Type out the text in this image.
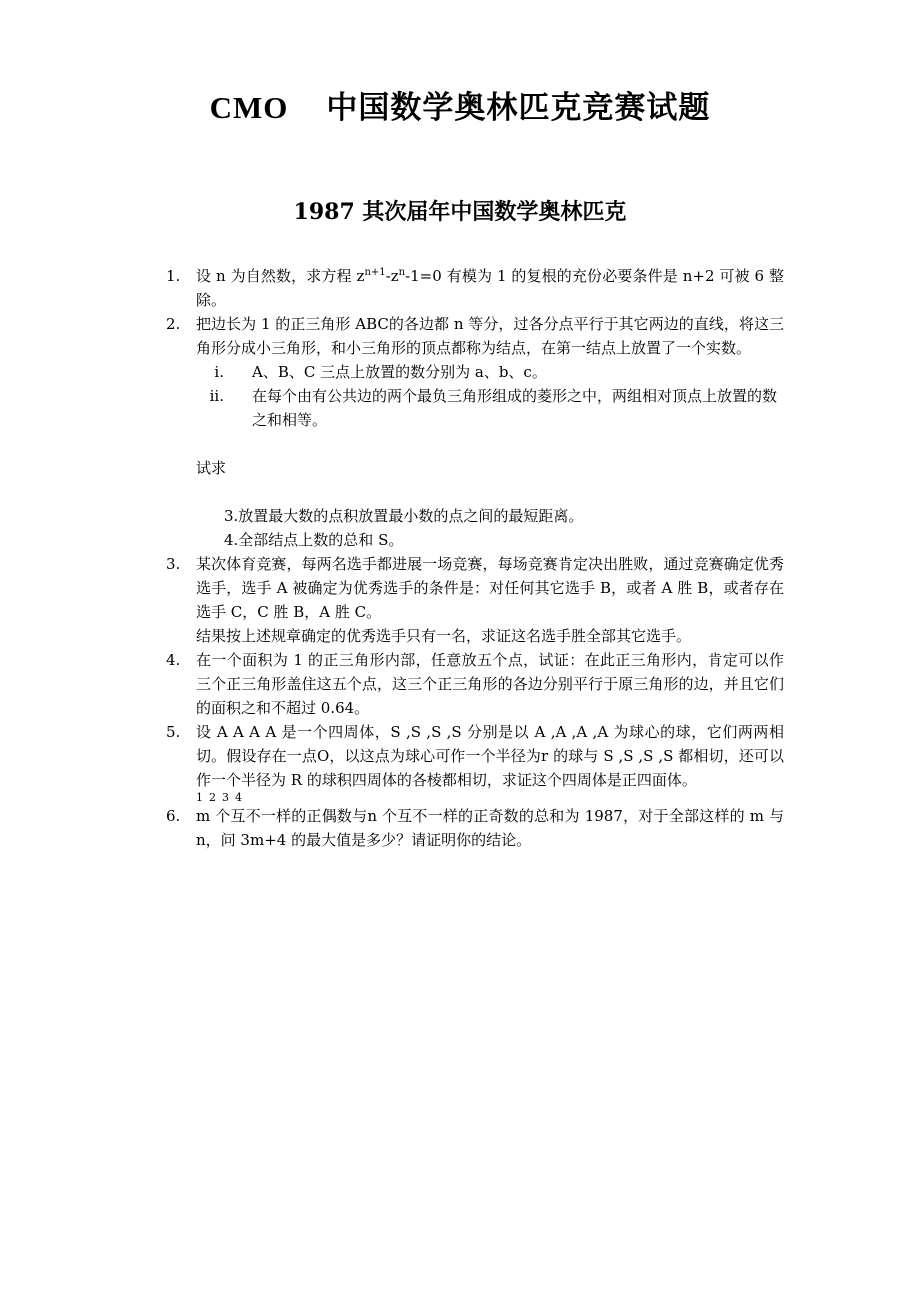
CMO 中国数学奥林匹克竞赛试题
1987 其次届年中国数学奥林匹克
1. 设 n 为自然数，求方程 $z^{n+1}-z^n-1=0$ 有模为 1 的复根的充份必要条件是 n+2 可被 6 整除。
2. 把边长为 1 的正三角形 ABC的各边都 n 等分，过各分点平行于其它两边的直线，将这三角形分成小三角形，和小三角形的顶点都称为结点，在第一结点上放置了一个实数。
i. A、B、C 三点上放置的数分别为 a、b、c。
ii. 在每个由有公共边的两个最负三角形组成的菱形之中，两组相对顶点上放置的数之和相等。
试求
3.放置最大数的点积放置最小数的点之间的最短距离。
4.全部结点上数的总和 S。
3. 某次体育竞赛，每两名选手都进展一场竞赛，每场竞赛肯定决出胜败，通过竞赛确定优秀选手，选手 A 被确定为优秀选手的条件是：对任何其它选手 B，或者 A 胜 B，或者存在选手 C，C 胜 B，A 胜 C。
结果按上述规章确定的优秀选手只有一名，求证这名选手胜全部其它选手。
4. 在一个面积为 1 的正三角形内部，任意放五个点，试证：在此正三角形内，肯定可以作三个正三角形盖住这五个点，这三个正三角形的各边分别平行于原三角形的边，并且它们的面积之和不超过 0.64。
5. 设 A A A A 是一个四周体，S ,S ,S ,S 分别是以 A ,A ,A ,A 为球心的球，它们两两相切。假设存在一点O，以这点为球心可作一个半径为r 的球与 S ,S ,S ,S 都相切，还可以作一个半径为 R 的球积四周体的各棱都相切，求证这个四周体是正四面体。
1234
6. m 个互不一样的正偶数与n 个互不一样的正奇数的总和为 1987，对于全部这样的 m 与 n，问 3m+4 的最大值是多少？请证明你的结论。
